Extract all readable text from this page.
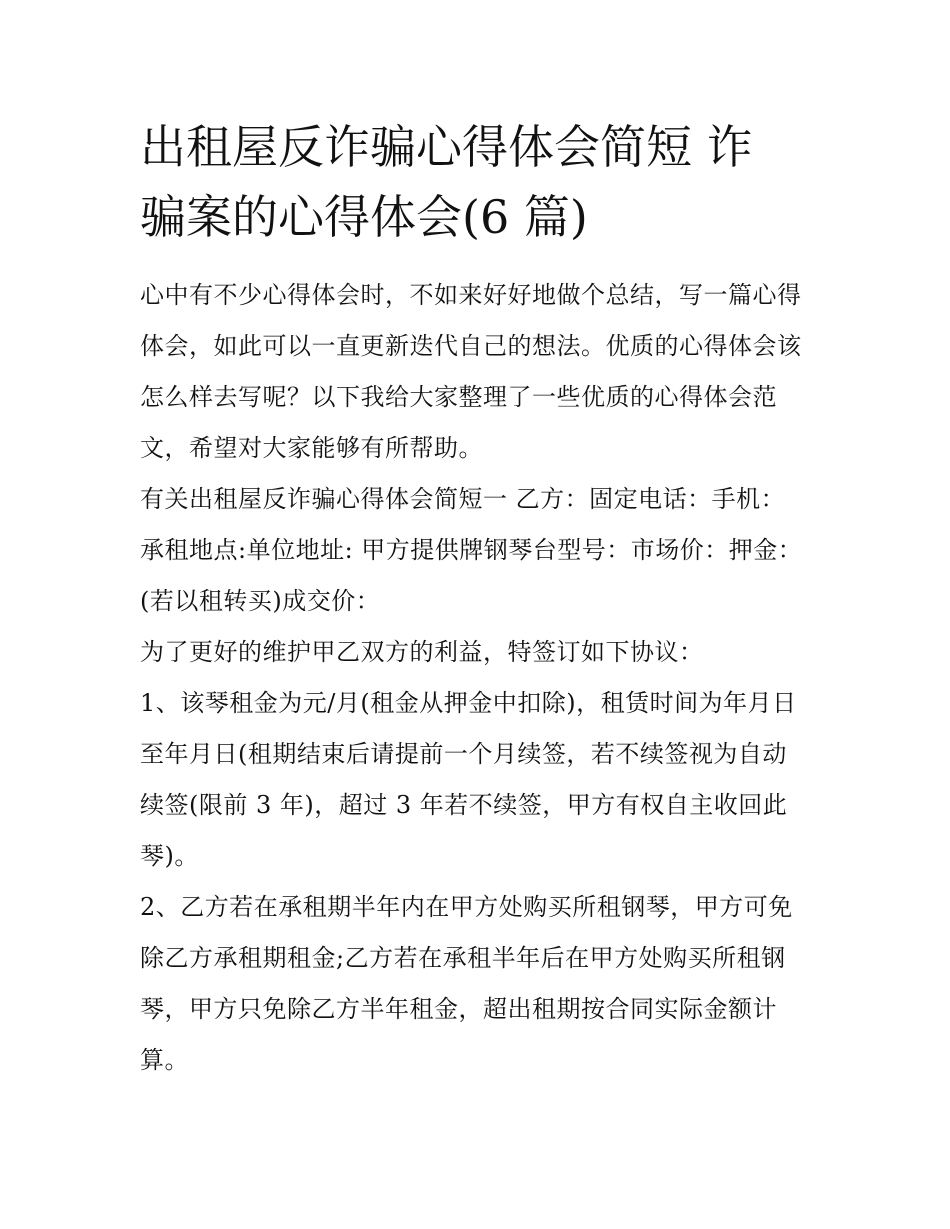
出租屋反诈骗心得体会简短 诈
骗案的心得体会(6 篇)

心中有不少心得体会时，不如来好好地做个总结，写一篇心得
体会，如此可以一直更新迭代自己的想法。优质的心得体会该
怎么样去写呢？以下我给大家整理了一些优质的心得体会范
文，希望对大家能够有所帮助。

有关出租屋反诈骗心得体会简短一 乙方：固定电话：手机：
承租地点:单位地址: 甲方提供牌钢琴台型号：市场价：押金：
(若以租转买)成交价：

为了更好的维护甲乙双方的利益，特签订如下协议：

1、该琴租金为元/月(租金从押金中扣除)，租赁时间为年月日
至年月日(租期结束后请提前一个月续签，若不续签视为自动
续签(限前 3 年)，超过 3 年若不续签，甲方有权自主收回此
琴)。

2、乙方若在承租期半年内在甲方处购买所租钢琴，甲方可免
除乙方承租期租金;乙方若在承租半年后在甲方处购买所租钢
琴，甲方只免除乙方半年租金，超出租期按合同实际金额计
算。
